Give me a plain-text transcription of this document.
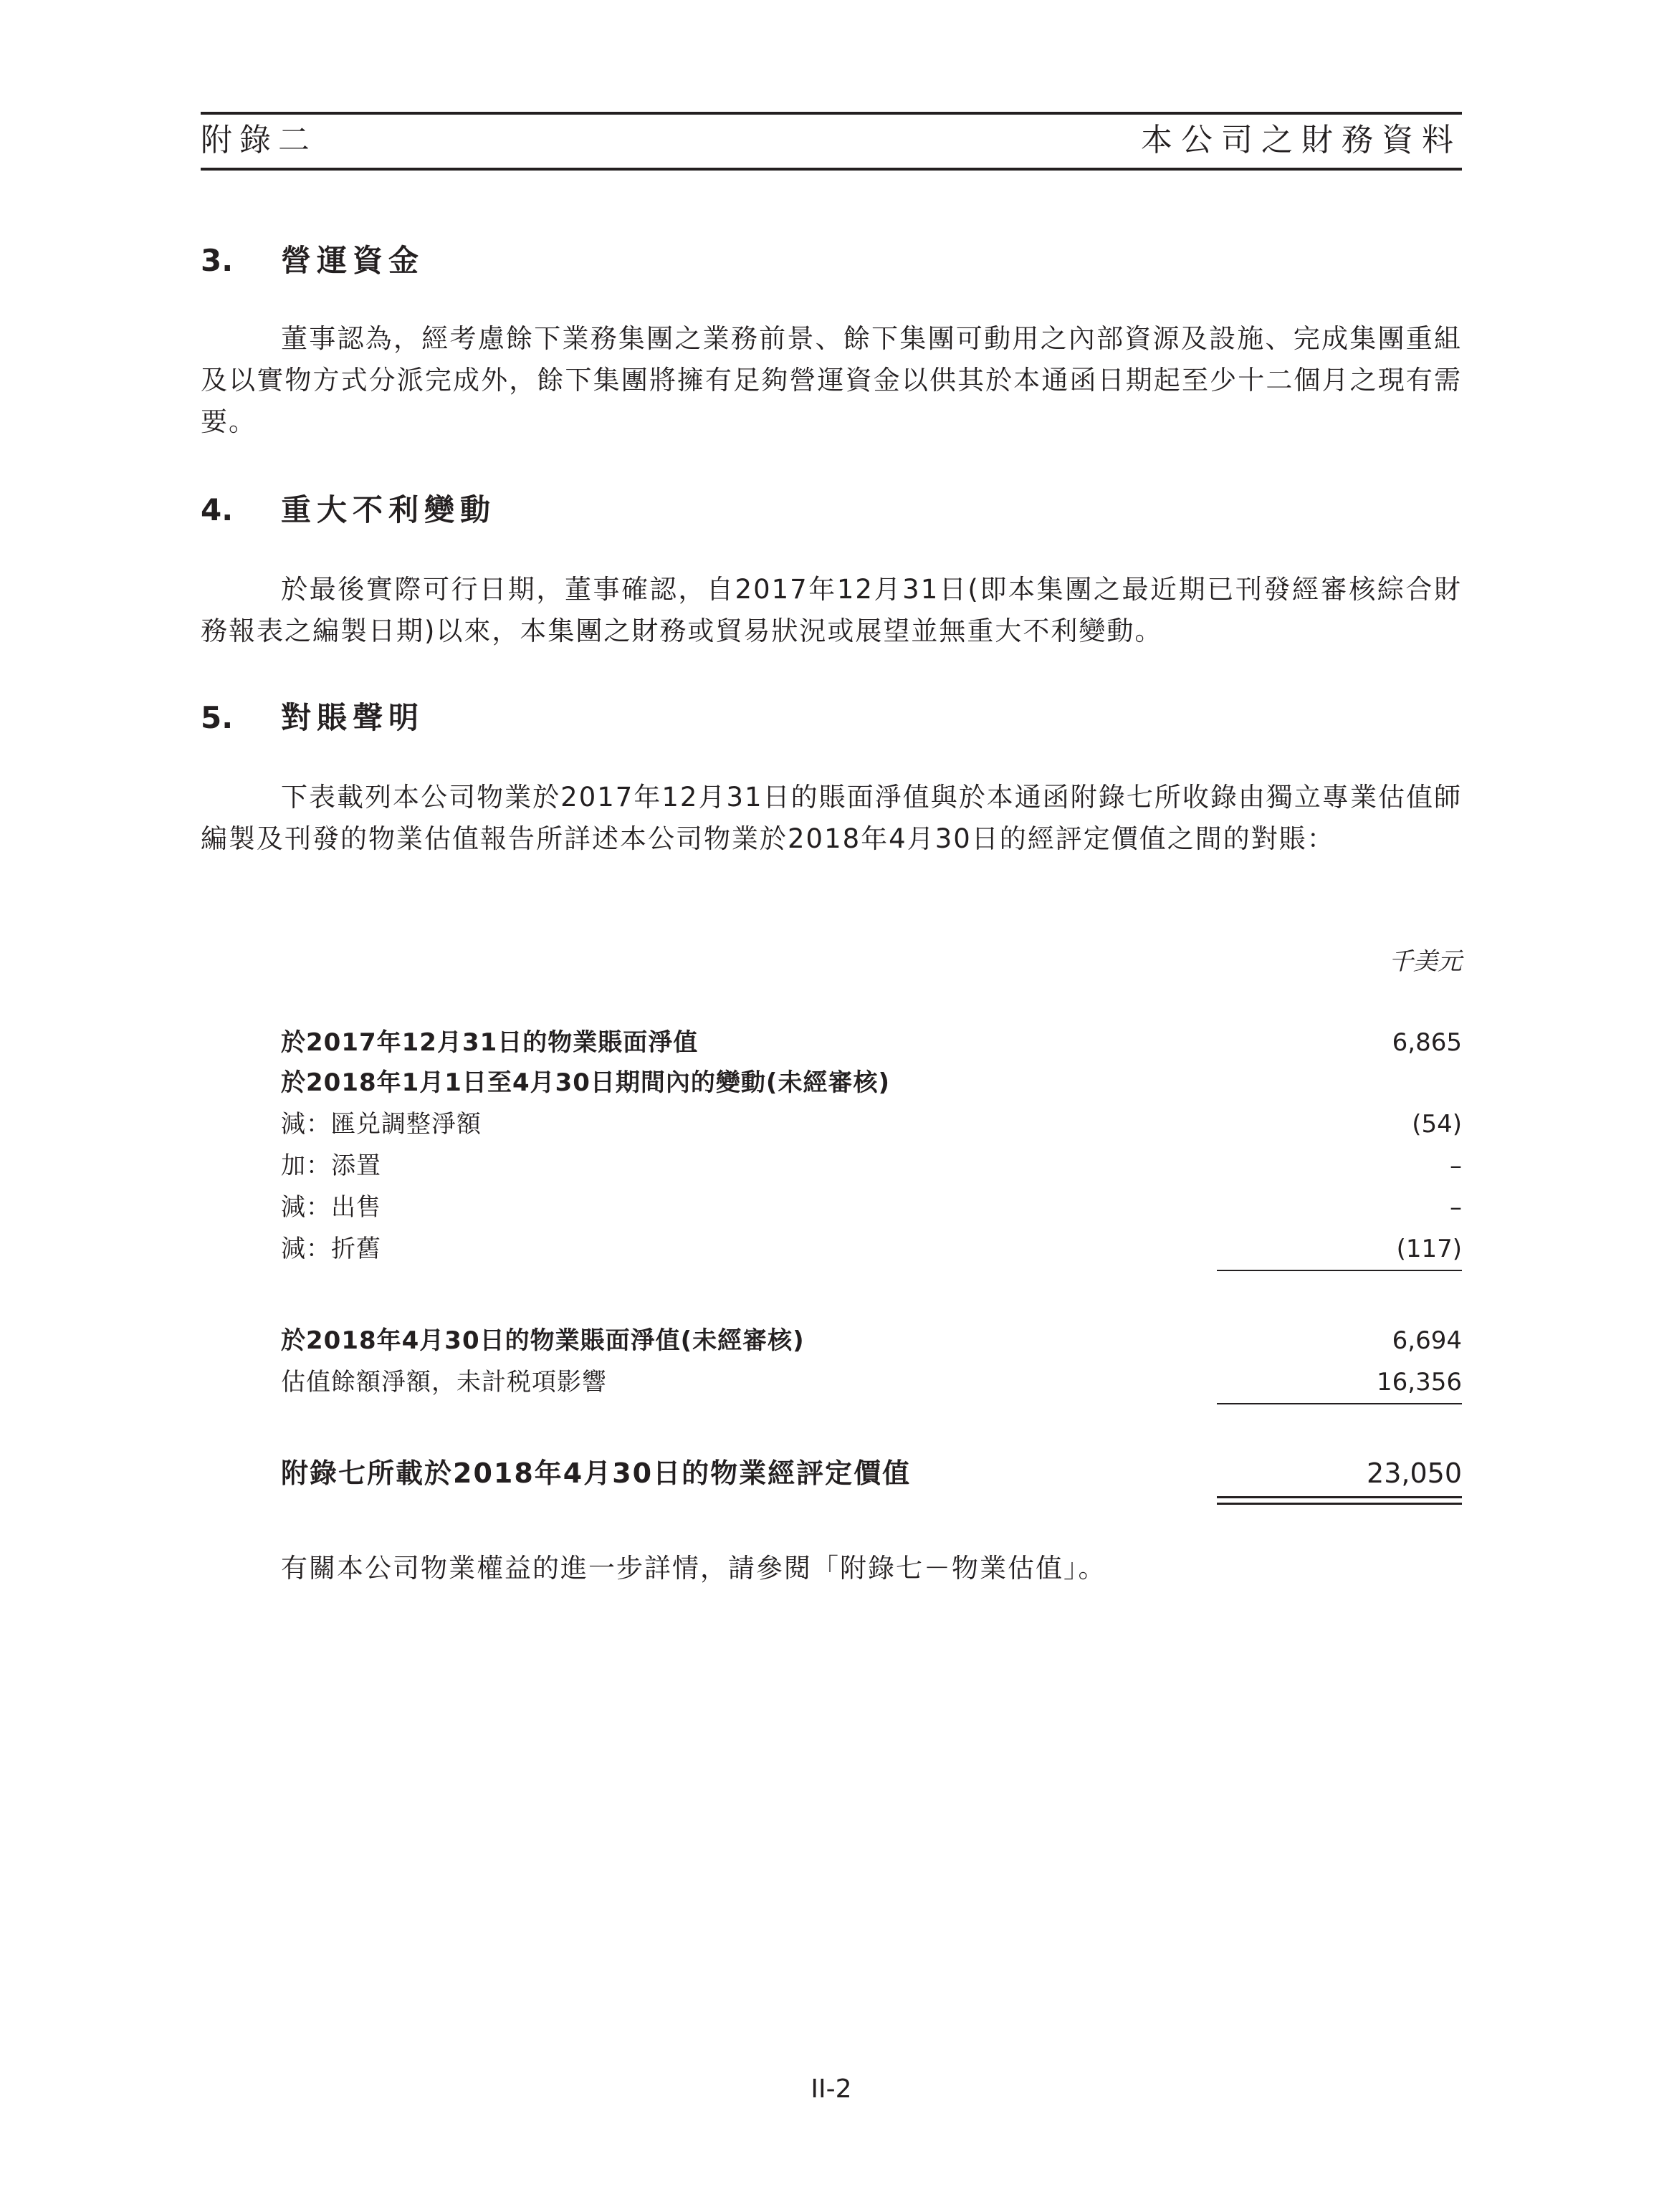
附錄二	本公司之財務資料
3. 營運資金

董事認為，經考慮餘下業務集團之業務前景、餘下集團可動用之內部資源及設施、完成集團重組及以實物方式分派完成外，餘下集團將擁有足夠營運資金以供其於本通函日期起至少十二個月之現有需要。

4. 重大不利變動

於最後實際可行日期，董事確認，自2017年12月31日(即本集團之最近期已刊發經審核綜合財務報表之編製日期)以來，本集團之財務或貿易狀況或展望並無重大不利變動。

5. 對賬聲明

下表載列本公司物業於2017年12月31日的賬面淨值與於本通函附錄七所收錄由獨立專業估值師編製及刊發的物業估值報告所詳述本公司物業於2018年4月30日的經評定價值之間的對賬：

千美元
於2017年12月31日的物業賬面淨值	6,865
於2018年1月1日至4月30日期間內的變動(未經審核)
減：匯兑調整淨額	(54)
加：添置	–
減：出售	–
減：折舊	(117)
於2018年4月30日的物業賬面淨值(未經審核)	6,694
估值餘額淨額，未計税項影響	16,356
附錄七所載於2018年4月30日的物業經評定價值	23,050
有關本公司物業權益的進一步詳情，請參閱「附錄七－物業估值」。
II-2
